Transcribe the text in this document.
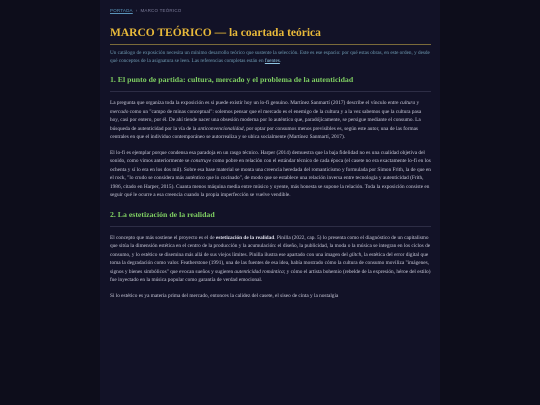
PORTADA › MARCO TEÓRICO
MARCO TEÓRICO — la coartada teórica
Un catálogo de exposición necesita un mínimo desarrollo teórico que sustente la selección. Este es ese espacio: por qué estas obras, en este orden, y desde qué conceptos de la asignatura se leen. Las referencias completas están en fuentes.
1. El punto de partida: cultura, mercado y el problema de la autenticidad

La pregunta que organiza toda la exposición es si puede existir hoy un lo-fi genuino. Martínez Sanmartí (2017) describe el vínculo entre cultura y mercado como un "campo de minas conceptual": solemos pensar que el mercado es el enemigo de la cultura y a la vez sabemos que la cultura pasa hoy, casi por entero, por él. De ahí tiende nacer una obsesión moderna por lo auténtico que, paradójicamente, se persigue mediante el consumo. La búsqueda de autenticidad por la vía de la anticonvencionalidad, por optar por consumos menos previsibles es, según este autor, una de las formas centrales en que el individuo contemporáneo se autorrealiza y se ubica socialmente (Martínez Sanmartí, 2017).

El lo-fi es ejemplar porque condensa esa paradoja en un rasgo técnico. Harper (2014) demuestra que la baja fidelidad no es una cualidad objetiva del sonido, como vimos anteriormente se construye como pobre en relación con el estándar técnico de cada época (el casete no era exactamente lo-fi en los ochenta y sí lo era en los dos mil). Sobre esa base material se monta una creencia heredada del romanticismo y formulada por Simon Frith, la de que en el rock, "lo crudo se considera más auténtico que lo cocinado", de modo que se establece una relación inversa entre tecnología y autenticidad (Frith, 1986, citado en Harper, 2015). Cuanta menos máquina media entre músico y oyente, más honesta se supone la relación. Toda la exposición consiste en seguir qué le ocurre a esa creencia cuando la propia imperfección se vuelve vendible.

2. La estetización de la realidad

El concepto que más sostiene el proyecto es el de estetización de la realidad. Pinilla (2022, cap. 5) lo presenta como el diagnóstico de un capitalismo que sitúa la dimensión estética en el centro de la producción y la acumulación: el diseño, la publicidad, la moda o la música se integran en los ciclos de consumo, y lo estético se disemina más allá de sus viejos límites. Pinilla ilustra ese apartado con una imagen del glitch, la estética del error digital que toma la degradación como valor. Featherstone (1991), una de las fuentes de esa idea, había mostrado cómo la cultura de consumo moviliza "imágenes, signos y bienes simbólicos" que evocan sueños y sugieren autenticidad romántica; y cómo el artista bohemio (rebelde de la expresión, héroe del estilo) fue inyectado en la música popular como garantía de verdad emocional.

Si lo estético es ya materia prima del mercado, entonces la calidez del casete, el siseo de cinta y la nostalgia
